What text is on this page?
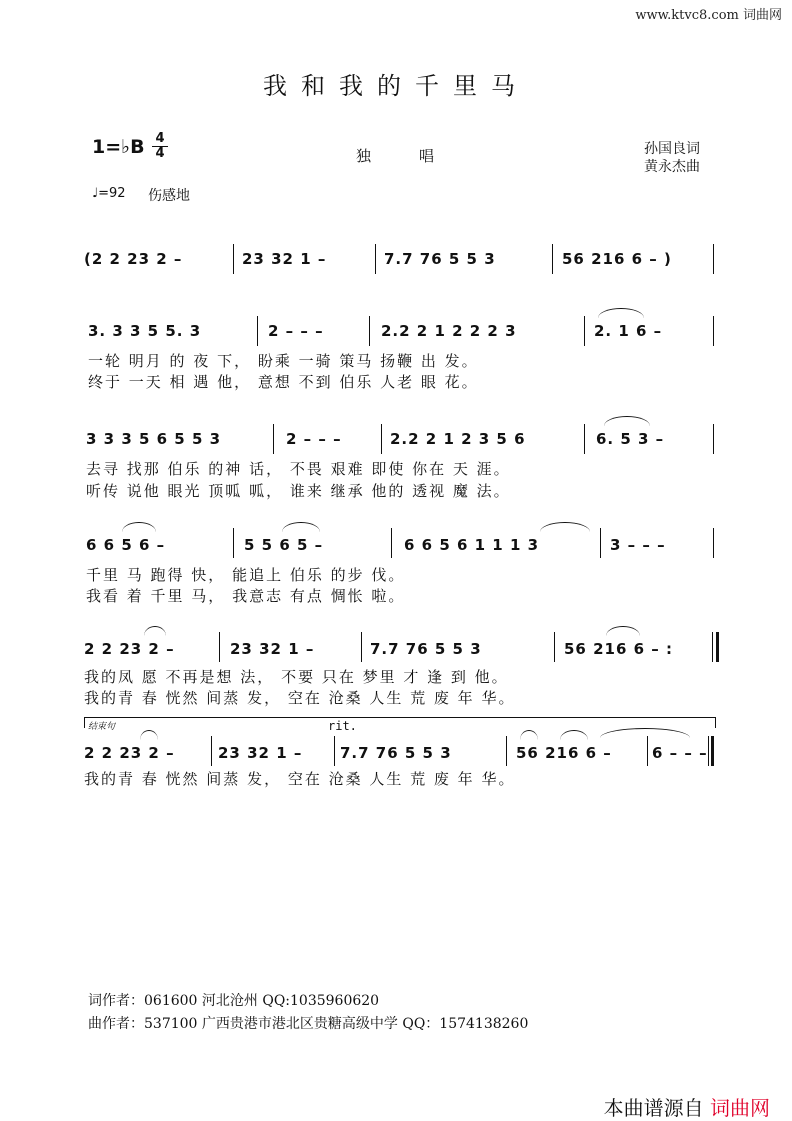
www.ktvc8.com 词曲网
我和我的千里马
1=♭B 4
4	独唱	孙国良词
黄永杰曲
♩=92 伤感地
(2 2 23 2 –	23 32 1 –	7.7 76 5 5 3	56 216 6 – )
3. 3 3 5 5. 3	2 – – –	2.2 2 1 2 2 2 3	2. 1 6 –
一轮 明月 的 夜 下， 盼乘 一骑 策马 扬鞭 出 发。
终于 一天 相 遇 他， 意想 不到 伯乐 人老 眼 花。
3 3 3 5 6 5 5 3	2 – – –	2.2 2 1 2 3 5 6	6. 5 3 –
去寻 找那 伯乐 的神 话， 不畏 艰难 即使 你在 天 涯。
听传 说他 眼光 顶呱 呱， 谁来 继承 他的 透视 魔 法。
6 6 5 6 –	5 5 6 5 –	6 6 5 6 1 1 1 3	3 – – –
千里 马 跑得 快， 能追上 伯乐 的步 伐。
我看 着 千里 马， 我意志 有点 惆怅 啦。
2 2 23 2 –	23 32 1 –	7.7 76 5 5 3	56 216 6 – :
我的凤 愿 不再是想 法， 不要 只在 梦里 才 逢 到 他。
我的青 春 恍然 间蒸 发， 空在 沧桑 人生 荒 废 年 华。
结束句	rit.
2 2 23 2 –	23 32 1 –	7.7 76 5 5 3	56 216 6 –	6 – – –
我的青 春 恍然 间蒸 发， 空在 沧桑 人生 荒 废 年 华。
词作者：061600 河北沧州 QQ:1035960620
曲作者：537100 广西贵港市港北区贵糖高级中学 QQ：1574138260
本曲谱源自 词曲网
